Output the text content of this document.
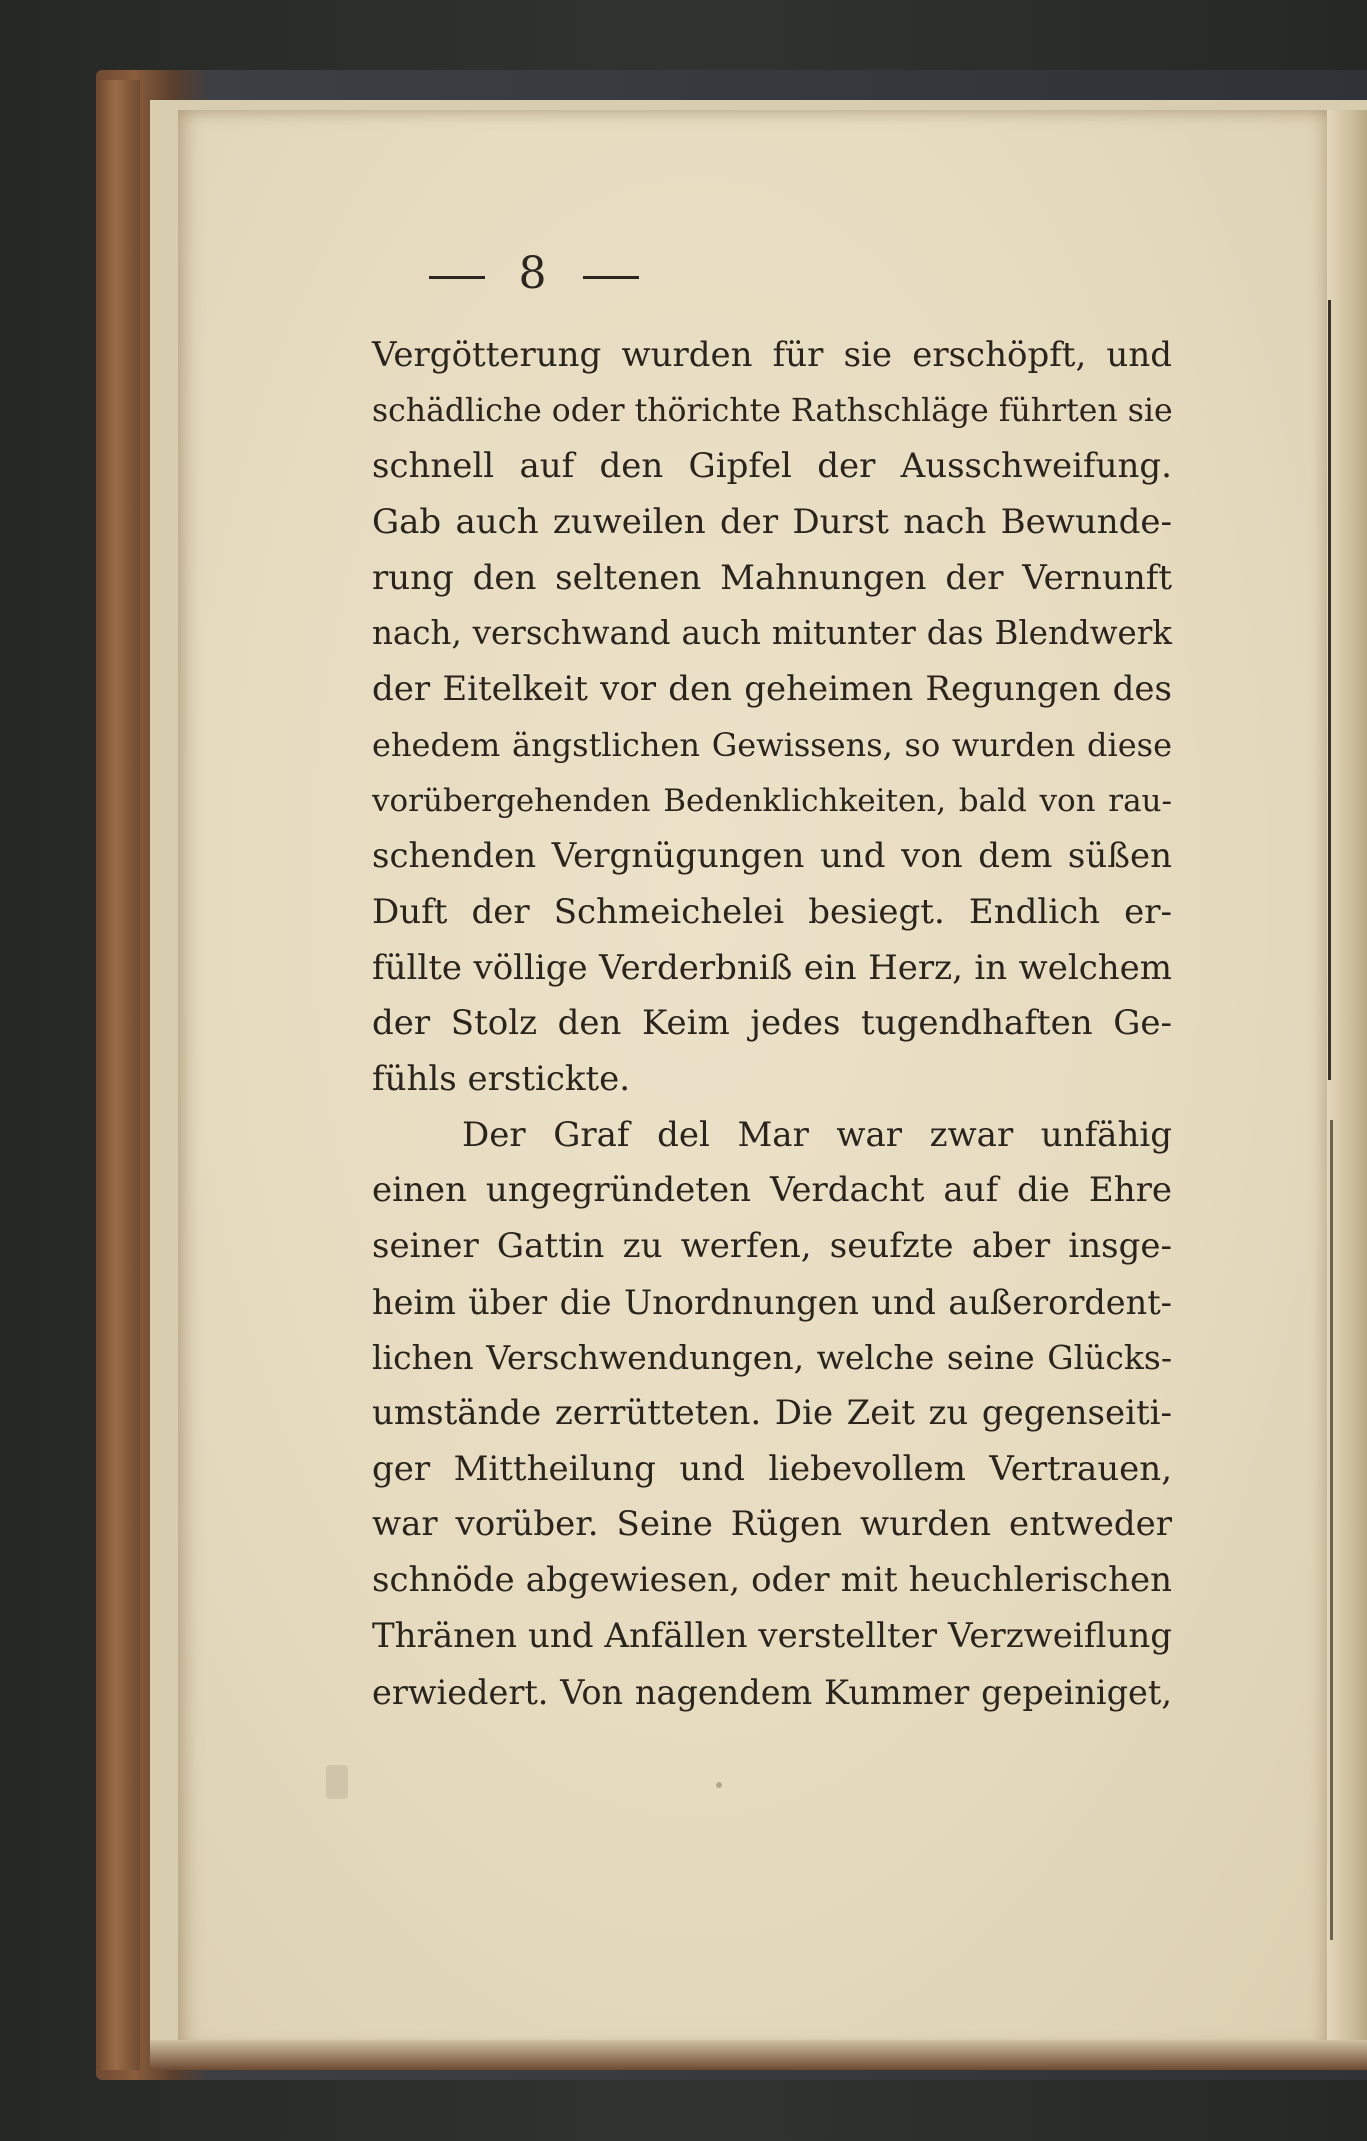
8
Vergötterung wurden für sie erschöpft, und
schädliche oder thörichte Rathschläge führten sie
schnell auf den Gipfel der Ausschweifung.
Gab auch zuweilen der Durst nach Bewunde-
rung den seltenen Mahnungen der Vernunft
nach, verschwand auch mitunter das Blendwerk
der Eitelkeit vor den geheimen Regungen des
ehedem ängstlichen Gewissens, so wurden diese
vorübergehenden Bedenklichkeiten, bald von rau-
schenden Vergnügungen und von dem süßen
Duft der Schmeichelei besiegt. Endlich er-
füllte völlige Verderbniß ein Herz, in welchem
der Stolz den Keim jedes tugendhaften Ge-
fühls erstickte.
Der Graf del Mar war zwar unfähig
einen ungegründeten Verdacht auf die Ehre
seiner Gattin zu werfen, seufzte aber insge-
heim über die Unordnungen und außerordent-
lichen Verschwendungen, welche seine Glücks-
umstände zerrütteten. Die Zeit zu gegenseiti-
ger Mittheilung und liebevollem Vertrauen,
war vorüber. Seine Rügen wurden entweder
schnöde abgewiesen, oder mit heuchlerischen
Thränen und Anfällen verstellter Verzweiflung
erwiedert. Von nagendem Kummer gepeiniget,
